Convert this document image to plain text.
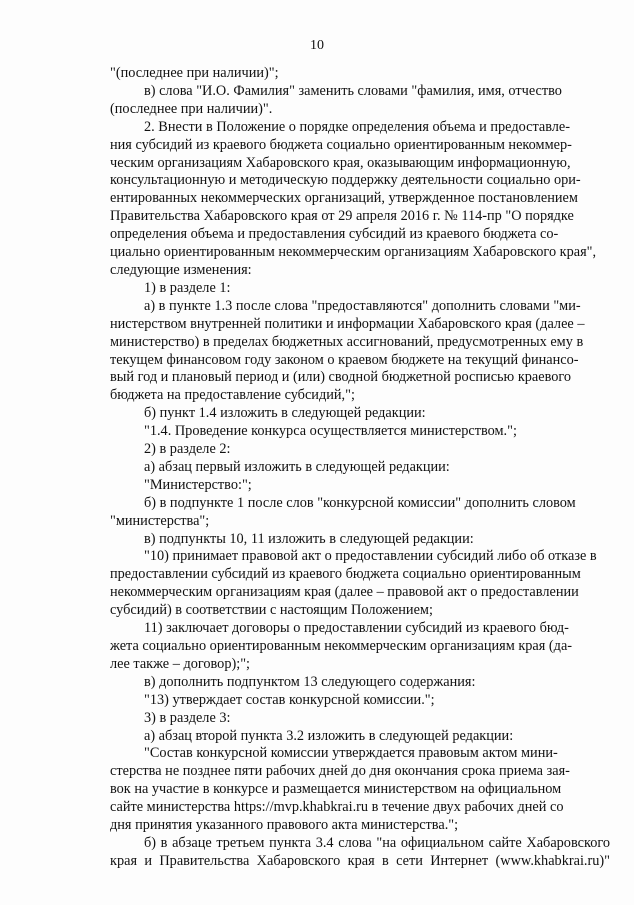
10

"(последнее при наличии)";

в) слова "И.О. Фамилия" заменить словами "фамилия, имя, отчество
(последнее при наличии)".

2. Внести в Положение о порядке определения объема и предоставле-
ния субсидий из краевого бюджета социально ориентированным некоммер-
ческим организациям Хабаровского края, оказывающим информационную,
консультационную и методическую поддержку деятельности социально ори-
ентированных некоммерческих организаций, утвержденное постановлением
Правительства Хабаровского края от 29 апреля 2016 г. № 114-пр "О порядке
определения объема и предоставления субсидий из краевого бюджета со-
циально ориентированным некоммерческим организациям Хабаровского края",
следующие изменения:

1) в разделе 1:

а) в пункте 1.3 после слова "предоставляются" дополнить словами "ми-
нистерством внутренней политики и информации Хабаровского края (далее –
министерство) в пределах бюджетных ассигнований, предусмотренных ему в
текущем финансовом году законом о краевом бюджете на текущий финансо-
вый год и плановый период и (или) сводной бюджетной росписью краевого
бюджета на предоставление субсидий,";

б) пункт 1.4 изложить в следующей редакции:

"1.4. Проведение конкурса осуществляется министерством.";

2) в разделе 2:

а) абзац первый изложить в следующей редакции:

"Министерство:";

б) в подпункте 1 после слов "конкурсной комиссии" дополнить словом
"министерства";

в) подпункты 10, 11 изложить в следующей редакции:

"10) принимает правовой акт о предоставлении субсидий либо об отказе в
предоставлении субсидий из краевого бюджета социально ориентированным
некоммерческим организациям края (далее – правовой акт о предоставлении
субсидий) в соответствии с настоящим Положением;

11) заключает договоры о предоставлении субсидий из краевого бюд-
жета социально ориентированным некоммерческим организациям края (да-
лее также – договор);";

в) дополнить подпунктом 13 следующего содержания:

"13) утверждает состав конкурсной комиссии.";

3) в разделе 3:

а) абзац второй пункта 3.2 изложить в следующей редакции:

"Состав конкурсной комиссии утверждается правовым актом мини-
стерства не позднее пяти рабочих дней до дня окончания срока приема зая-
вок на участие в конкурсе и размещается министерством на официальном
сайте министерства https://mvp.khabkrai.ru в течение двух рабочих дней со
дня принятия указанного правового акта министерства.";

б) в абзаце третьем пункта 3.4 слова "на официальном сайте Хабаровского
края и Правительства Хабаровского края в сети Интернет (www.khabkrai.ru)"
